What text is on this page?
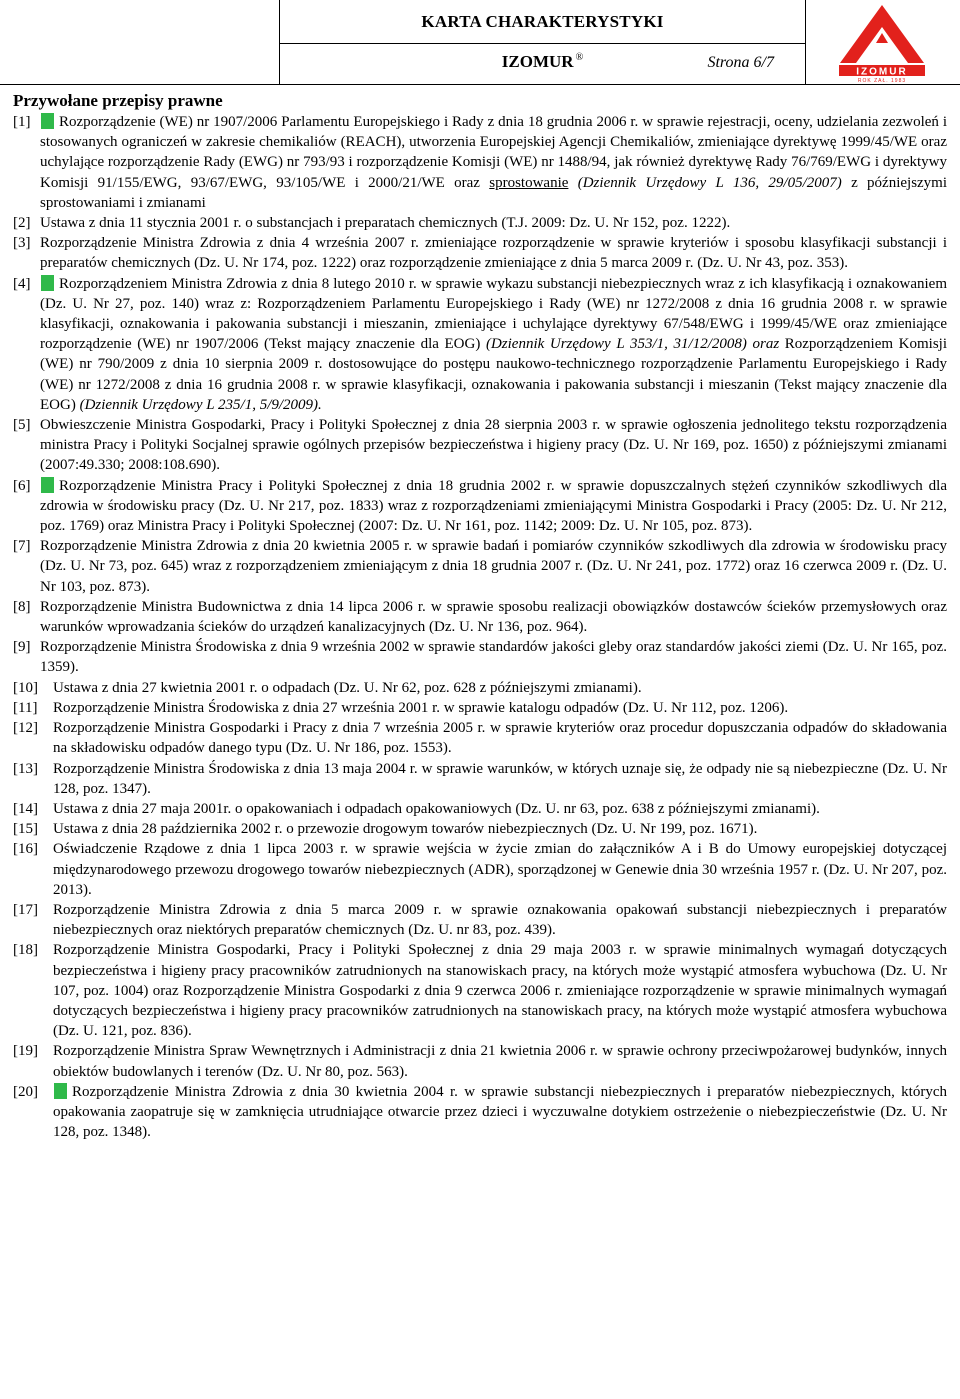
KARTA CHARAKTERYSTYKI
IZOMUR ®	Strona 6/7
IZOMUR
ROK ZAŁ. 1983
Przywołane przepisy prawne

[1] Rozporządzenie (WE) nr 1907/2006 Parlamentu Europejskiego i Rady z dnia 18 grudnia 2006 r. w sprawie rejestracji, oceny, udzielania zezwoleń i stosowanych ograniczeń w zakresie chemikaliów (REACH), utworzenia Europejskiej Agencji Chemikaliów, zmieniające dyrektywę 1999/45/WE oraz uchylające rozporządzenie Rady (EWG) nr 793/93 i rozporządzenie Komisji (WE) nr 1488/94, jak również dyrektywę Rady 76/769/EWG i dyrektywy Komisji 91/155/EWG, 93/67/EWG, 93/105/WE i 2000/21/WE oraz sprostowanie (Dziennik Urzędowy L 136, 29/05/2007) z późniejszymi sprostowaniami i zmianami

[2] Ustawa z dnia 11 stycznia 2001 r. o substancjach i preparatach chemicznych (T.J. 2009: Dz. U. Nr 152, poz. 1222).

[3] Rozporządzenie Ministra Zdrowia z dnia 4 września 2007 r. zmieniające rozporządzenie w sprawie kryteriów i sposobu klasyfikacji substancji i preparatów chemicznych (Dz. U. Nr 174, poz. 1222) oraz rozporządzenie zmieniające z dnia 5 marca 2009 r. (Dz. U. Nr 43, poz. 353).

[4] Rozporządzeniem Ministra Zdrowia z dnia 8 lutego 2010 r. w sprawie wykazu substancji niebezpiecznych wraz z ich klasyfikacją i oznakowaniem (Dz. U. Nr 27, poz. 140) wraz z: Rozporządzeniem Parlamentu Europejskiego i Rady (WE) nr 1272/2008 z dnia 16 grudnia 2008 r. w sprawie klasyfikacji, oznakowania i pakowania substancji i mieszanin, zmieniające i uchylające dyrektywy 67/548/EWG i 1999/45/WE oraz zmieniające rozporządzenie (WE) nr 1907/2006 (Tekst mający znaczenie dla EOG) (Dziennik Urzędowy L 353/1, 31/12/2008) oraz Rozporządzeniem Komisji (WE) nr 790/2009 z dnia 10 sierpnia 2009 r. dostosowujące do postępu naukowo-technicznego rozporządzenie Parlamentu Europejskiego i Rady (WE) nr 1272/2008 z dnia 16 grudnia 2008 r. w sprawie klasyfikacji, oznakowania i pakowania substancji i mieszanin (Tekst mający znaczenie dla EOG) (Dziennik Urzędowy L 235/1, 5/9/2009).

[5] Obwieszczenie Ministra Gospodarki, Pracy i Polityki Społecznej z dnia 28 sierpnia 2003 r. w sprawie ogłoszenia jednolitego tekstu rozporządzenia ministra Pracy i Polityki Socjalnej sprawie ogólnych przepisów bezpieczeństwa i higieny pracy (Dz. U. Nr 169, poz. 1650) z późniejszymi zmianami (2007:49.330; 2008:108.690).

[6] Rozporządzenie Ministra Pracy i Polityki Społecznej z dnia 18 grudnia 2002 r. w sprawie dopuszczalnych stężeń czynników szkodliwych dla zdrowia w środowisku pracy (Dz. U. Nr 217, poz. 1833) wraz z rozporządzeniami zmieniającymi Ministra Gospodarki i Pracy (2005: Dz. U. Nr 212, poz. 1769) oraz Ministra Pracy i Polityki Społecznej (2007: Dz. U. Nr 161, poz. 1142; 2009: Dz. U. Nr 105, poz. 873).

[7] Rozporządzenie Ministra Zdrowia z dnia 20 kwietnia 2005 r. w sprawie badań i pomiarów czynników szkodliwych dla zdrowia w środowisku pracy (Dz. U. Nr 73, poz. 645) wraz z rozporządzeniem zmieniającym z dnia 18 grudnia 2007 r. (Dz. U. Nr 241, poz. 1772) oraz 16 czerwca 2009 r. (Dz. U. Nr 103, poz. 873).

[8] Rozporządzenie Ministra Budownictwa z dnia 14 lipca 2006 r. w sprawie sposobu realizacji obowiązków dostawców ścieków przemysłowych oraz warunków wprowadzania ścieków do urządzeń kanalizacyjnych (Dz. U. Nr 136, poz. 964).

[9] Rozporządzenie Ministra Środowiska z dnia 9 września 2002 w sprawie standardów jakości gleby oraz standardów jakości ziemi (Dz. U. Nr 165, poz. 1359).

[10] Ustawa z dnia 27 kwietnia 2001 r. o odpadach (Dz. U. Nr 62, poz. 628 z późniejszymi zmianami).

[11] Rozporządzenie Ministra Środowiska z dnia 27 września 2001 r. w sprawie katalogu odpadów (Dz. U. Nr 112, poz. 1206).

[12] Rozporządzenie Ministra Gospodarki i Pracy z dnia 7 września 2005 r. w sprawie kryteriów oraz procedur dopuszczania odpadów do składowania na składowisku odpadów danego typu (Dz. U. Nr 186, poz. 1553).

[13] Rozporządzenie Ministra Środowiska z dnia 13 maja 2004 r. w sprawie warunków, w których uznaje się, że odpady nie są niebezpieczne (Dz. U. Nr 128, poz. 1347).

[14] Ustawa z dnia 27 maja 2001r. o opakowaniach i odpadach opakowaniowych (Dz. U. nr 63, poz. 638 z późniejszymi zmianami).

[15] Ustawa z dnia 28 października 2002 r. o przewozie drogowym towarów niebezpiecznych (Dz. U. Nr 199, poz. 1671).

[16] Oświadczenie Rządowe z dnia 1 lipca 2003 r. w sprawie wejścia w życie zmian do załączników A i B do Umowy europejskiej dotyczącej międzynarodowego przewozu drogowego towarów niebezpiecznych (ADR), sporządzonej w Genewie dnia 30 września 1957 r. (Dz. U. Nr 207, poz. 2013).

[17] Rozporządzenie Ministra Zdrowia z dnia 5 marca 2009 r. w sprawie oznakowania opakowań substancji niebezpiecznych i preparatów niebezpiecznych oraz niektórych preparatów chemicznych (Dz. U. nr 83, poz. 439).

[18] Rozporządzenie Ministra Gospodarki, Pracy i Polityki Społecznej z dnia 29 maja 2003 r. w sprawie minimalnych wymagań dotyczących bezpieczeństwa i higieny pracy pracowników zatrudnionych na stanowiskach pracy, na których może wystąpić atmosfera wybuchowa (Dz. U. Nr 107, poz. 1004) oraz Rozporządzenie Ministra Gospodarki z dnia 9 czerwca 2006 r. zmieniające rozporządzenie w sprawie minimalnych wymagań dotyczących bezpieczeństwa i higieny pracy pracowników zatrudnionych na stanowiskach pracy, na których może wystąpić atmosfera wybuchowa (Dz. U. 121, poz. 836).

[19] Rozporządzenie Ministra Spraw Wewnętrznych i Administracji z dnia 21 kwietnia 2006 r. w sprawie ochrony przeciwpożarowej budynków, innych obiektów budowlanych i terenów (Dz. U. Nr 80, poz. 563).

[20] Rozporządzenie Ministra Zdrowia z dnia 30 kwietnia 2004 r. w sprawie substancji niebezpiecznych i preparatów niebezpiecznych, których opakowania zaopatruje się w zamknięcia utrudniające otwarcie przez dzieci i wyczuwalne dotykiem ostrzeżenie o niebezpieczeństwie (Dz. U. Nr 128, poz. 1348).
